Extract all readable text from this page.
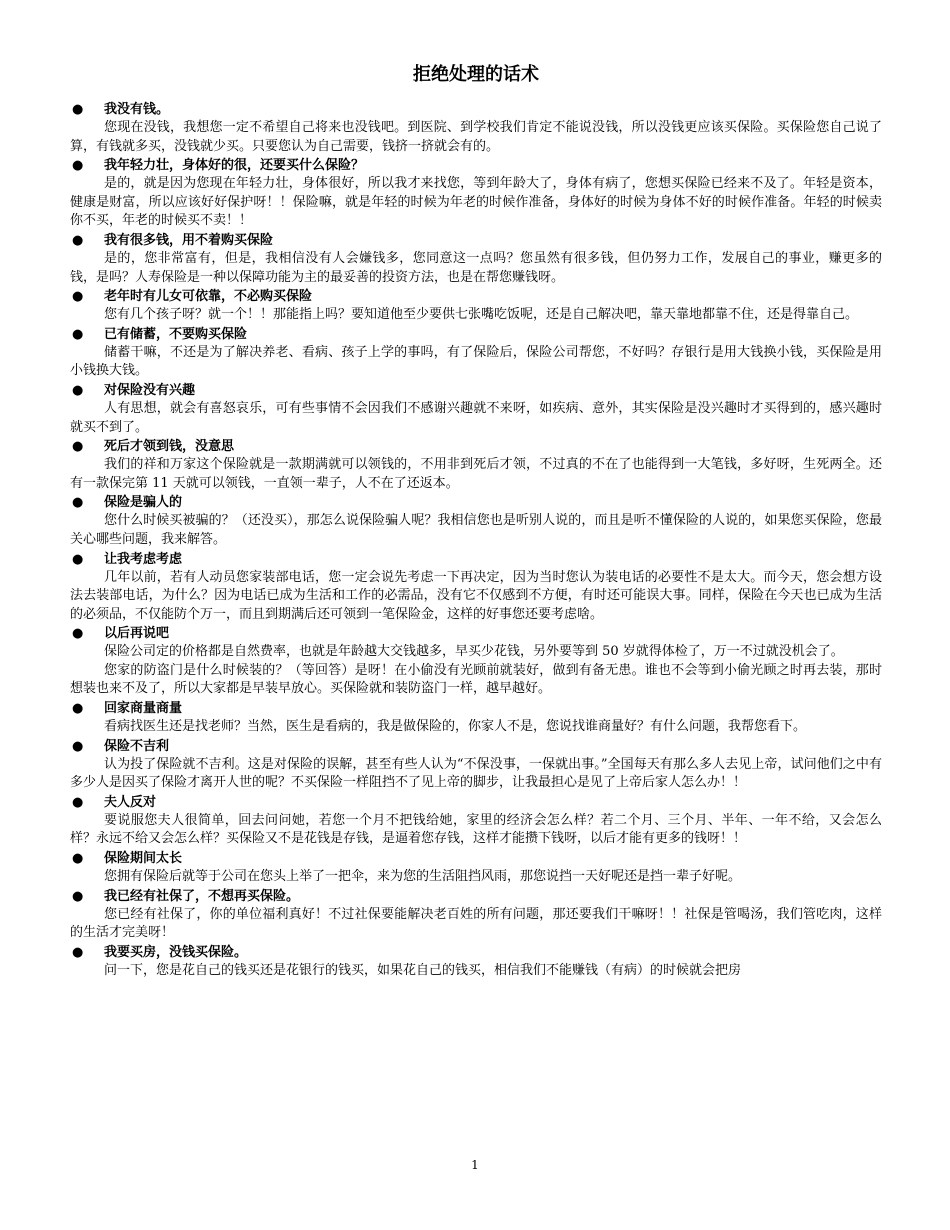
拒绝处理的话术
● 我没有钱。

您现在没钱，我想您一定不希望自己将来也没钱吧。到医院、到学校我们肯定不能说没钱，所以没钱更应该买保险。买保险您自己说了算，有钱就多买，没钱就少买。只要您认为自己需要，钱挤一挤就会有的。

● 我年轻力壮，身体好的很，还要买什么保险？

是的，就是因为您现在年轻力壮，身体很好，所以我才来找您，等到年龄大了，身体有病了，您想买保险已经来不及了。年轻是资本，健康是财富，所以应该好好保护呀！！保险嘛，就是年轻的时候为年老的时候作准备，身体好的时候为身体不好的时候作准备。年轻的时候卖你不买，年老的时候买不卖！！

● 我有很多钱，用不着购买保险

是的，您非常富有，但是，我相信没有人会嫌钱多，您同意这一点吗？您虽然有很多钱，但仍努力工作，发展自己的事业，赚更多的钱，是吗？人寿保险是一种以保障功能为主的最妥善的投资方法，也是在帮您赚钱呀。

● 老年时有儿女可依靠，不必购买保险

您有几个孩子呀？就一个！！那能指上吗？要知道他至少要供七张嘴吃饭呢，还是自己解决吧，靠天靠地都靠不住，还是得靠自己。

● 已有储蓄，不要购买保险

储蓄干嘛，不还是为了解决养老、看病、孩子上学的事吗，有了保险后，保险公司帮您，不好吗？存银行是用大钱换小钱，买保险是用小钱换大钱。

● 对保险没有兴趣

人有思想，就会有喜怒哀乐，可有些事情不会因我们不感谢兴趣就不来呀，如疾病、意外，其实保险是没兴趣时才买得到的，感兴趣时就买不到了。

● 死后才领到钱，没意思

我们的祥和万家这个保险就是一款期满就可以领钱的，不用非到死后才领，不过真的不在了也能得到一大笔钱，多好呀，生死两全。还有一款保完第 11 天就可以领钱，一直领一辈子，人不在了还返本。

● 保险是骗人的

您什么时候买被骗的？（还没买），那怎么说保险骗人呢？我相信您也是听别人说的，而且是听不懂保险的人说的，如果您买保险，您最关心哪些问题，我来解答。

● 让我考虑考虑

几年以前，若有人动员您家装部电话，您一定会说先考虑一下再决定，因为当时您认为装电话的必要性不是太大。而今天，您会想方设法去装部电话，为什么？因为电话已成为生活和工作的必需品，没有它不仅感到不方便，有时还可能误大事。同样，保险在今天也已成为生活的必须品，不仅能防个万一，而且到期满后还可领到一笔保险金，这样的好事您还要考虑啥。

● 以后再说吧

保险公司定的价格都是自然费率，也就是年龄越大交钱越多，早买少花钱，另外要等到 50 岁就得体检了，万一不过就没机会了。

您家的防盗门是什么时候装的？（等回答）是呀！在小偷没有光顾前就装好，做到有备无患。谁也不会等到小偷光顾之时再去装，那时想装也来不及了，所以大家都是早装早放心。买保险就和装防盗门一样，越早越好。

● 回家商量商量

看病找医生还是找老师？当然，医生是看病的，我是做保险的，你家人不是，您说找谁商量好？有什么问题，我帮您看下。

● 保险不吉利

认为投了保险就不吉利。这是对保险的误解，甚至有些人认为“不保没事，一保就出事。”全国每天有那么多人去见上帝，试问他们之中有多少人是因买了保险才离开人世的呢？不买保险一样阻挡不了见上帝的脚步，让我最担心是见了上帝后家人怎么办！！

● 夫人反对

要说服您夫人很简单，回去问问她，若您一个月不把钱给她，家里的经济会怎么样？若二个月、三个月、半年、一年不给，又会怎么样？永远不给又会怎么样？买保险又不是花钱是存钱，是逼着您存钱，这样才能攒下钱呀，以后才能有更多的钱呀！！

● 保险期间太长

您拥有保险后就等于公司在您头上举了一把伞，来为您的生活阻挡风雨，那您说挡一天好呢还是挡一辈子好呢。

● 我已经有社保了，不想再买保险。

您已经有社保了，你的单位福利真好！不过社保要能解决老百姓的所有问题，那还要我们干嘛呀！！社保是管喝汤，我们管吃肉，这样的生活才完美呀！

● 我要买房，没钱买保险。

问一下，您是花自己的钱买还是花银行的钱买，如果花自己的钱买，相信我们不能赚钱（有病）的时候就会把房

1
